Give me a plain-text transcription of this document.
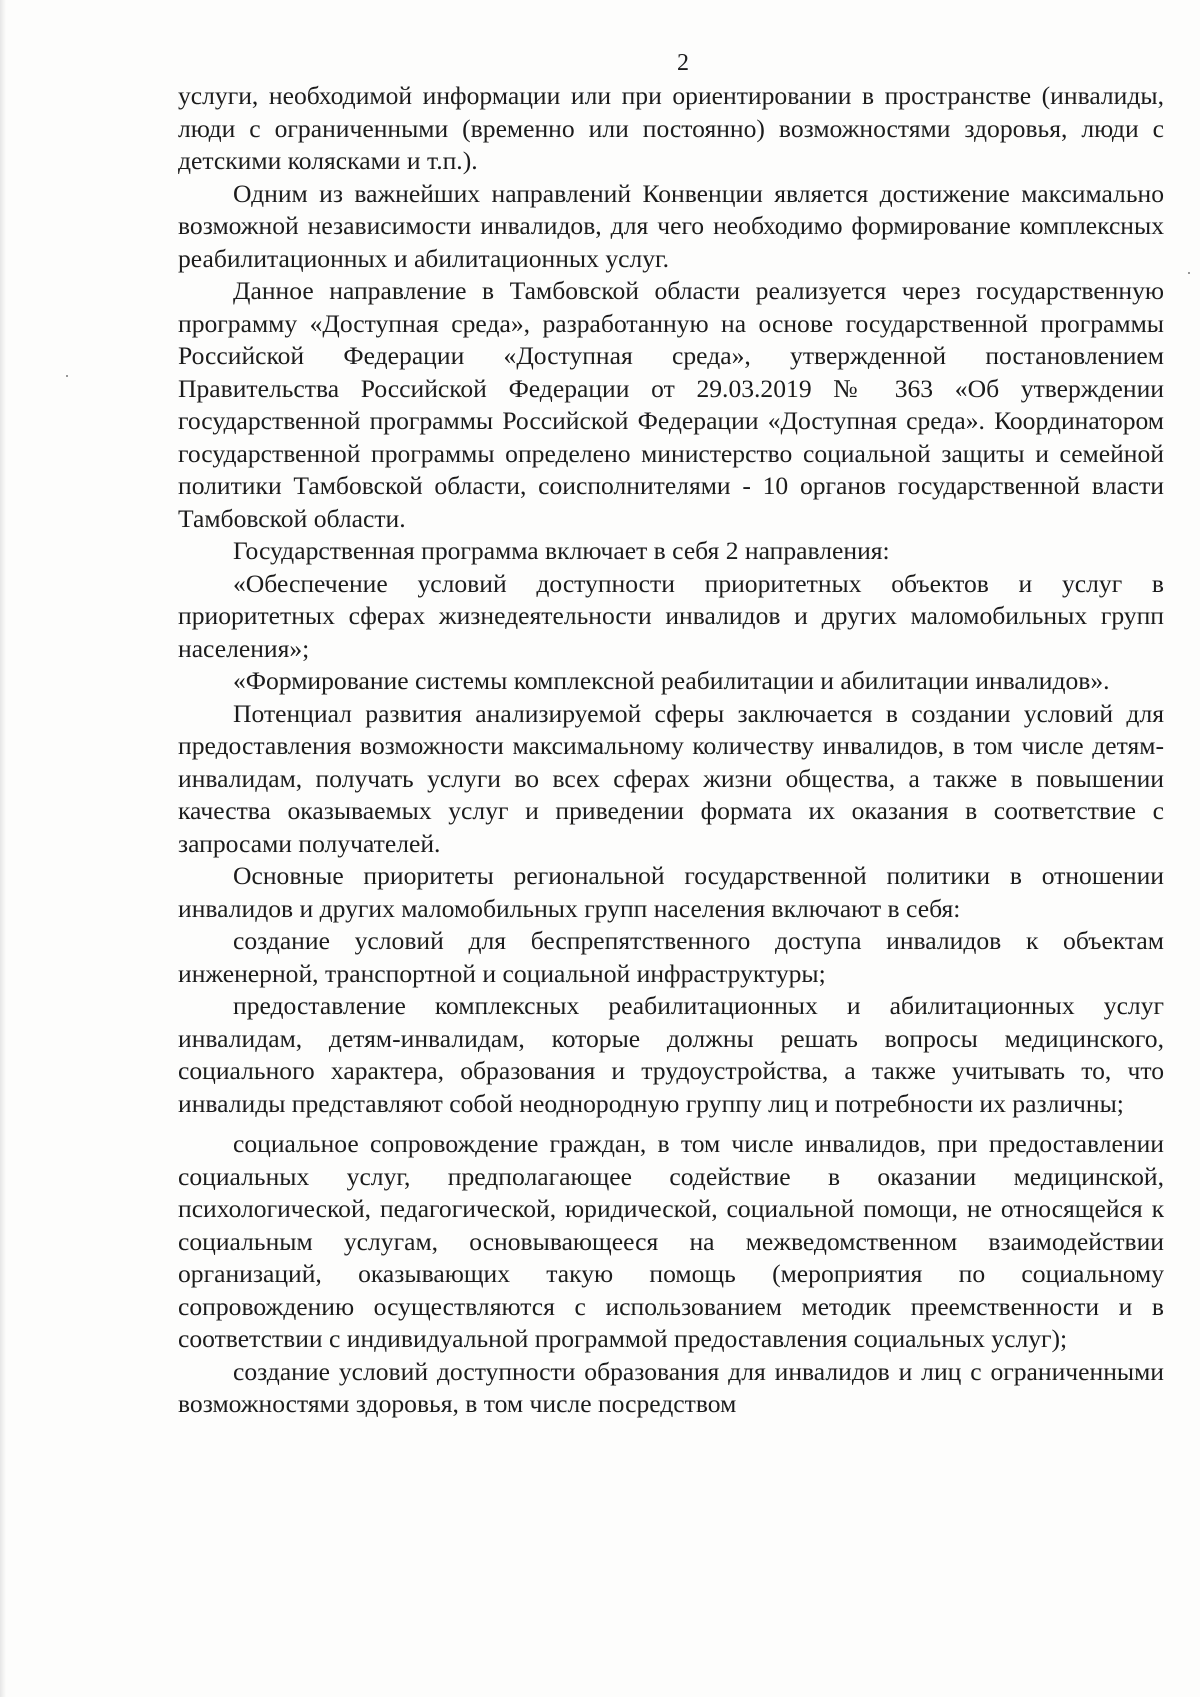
2

услуги, необходимой информации или при ориентировании в пространстве (инвалиды, люди с ограниченными (временно или постоянно) возможностями здоровья, люди с детскими колясками и т.п.).

Одним из важнейших направлений Конвенции является достижение максимально возможной независимости инвалидов, для чего необходимо формирование комплексных реабилитационных и абилитационных услуг.

Данное направление в Тамбовской области реализуется через государственную программу «Доступная среда», разработанную на основе государственной программы Российской Федерации «Доступная среда», утвержденной постановлением Правительства Российской Федерации от 29.03.2019 № 363 «Об утверждении государственной программы Российской Федерации «Доступная среда». Координатором государственной программы определено министерство социальной защиты и семейной политики Тамбовской области, соисполнителями - 10 органов государственной власти Тамбовской области.

Государственная программа включает в себя 2 направления:

«Обеспечение условий доступности приоритетных объектов и услуг в приоритетных сферах жизнедеятельности инвалидов и других маломобильных групп населения»;

«Формирование системы комплексной реабилитации и абилитации инвалидов».

Потенциал развития анализируемой сферы заключается в создании условий для предоставления возможности максимальному количеству инвалидов, в том числе детям-инвалидам, получать услуги во всех сферах жизни общества, а также в повышении качества оказываемых услуг и приведении формата их оказания в соответствие с запросами получателей.

Основные приоритеты региональной государственной политики в отношении инвалидов и других маломобильных групп населения включают в себя:

создание условий для беспрепятственного доступа инвалидов к объектам инженерной, транспортной и социальной инфраструктуры;

предоставление комплексных реабилитационных и абилитационных услуг инвалидам, детям-инвалидам, которые должны решать вопросы медицинского, социального характера, образования и трудоустройства, а также учитывать то, что инвалиды представляют собой неоднородную группу лиц и потребности их различны;

социальное сопровождение граждан, в том числе инвалидов, при предоставлении социальных услуг, предполагающее содействие в оказании медицинской, психологической, педагогической, юридической, социальной помощи, не относящейся к социальным услугам, основывающееся на межведомственном взаимодействии организаций, оказывающих такую помощь (мероприятия по социальному сопровождению осуществляются с использованием методик преемственности и в соответствии с индивидуальной программой предоставления социальных услуг);

создание условий доступности образования для инвалидов и лиц с ограниченными возможностями здоровья, в том числе посредством
